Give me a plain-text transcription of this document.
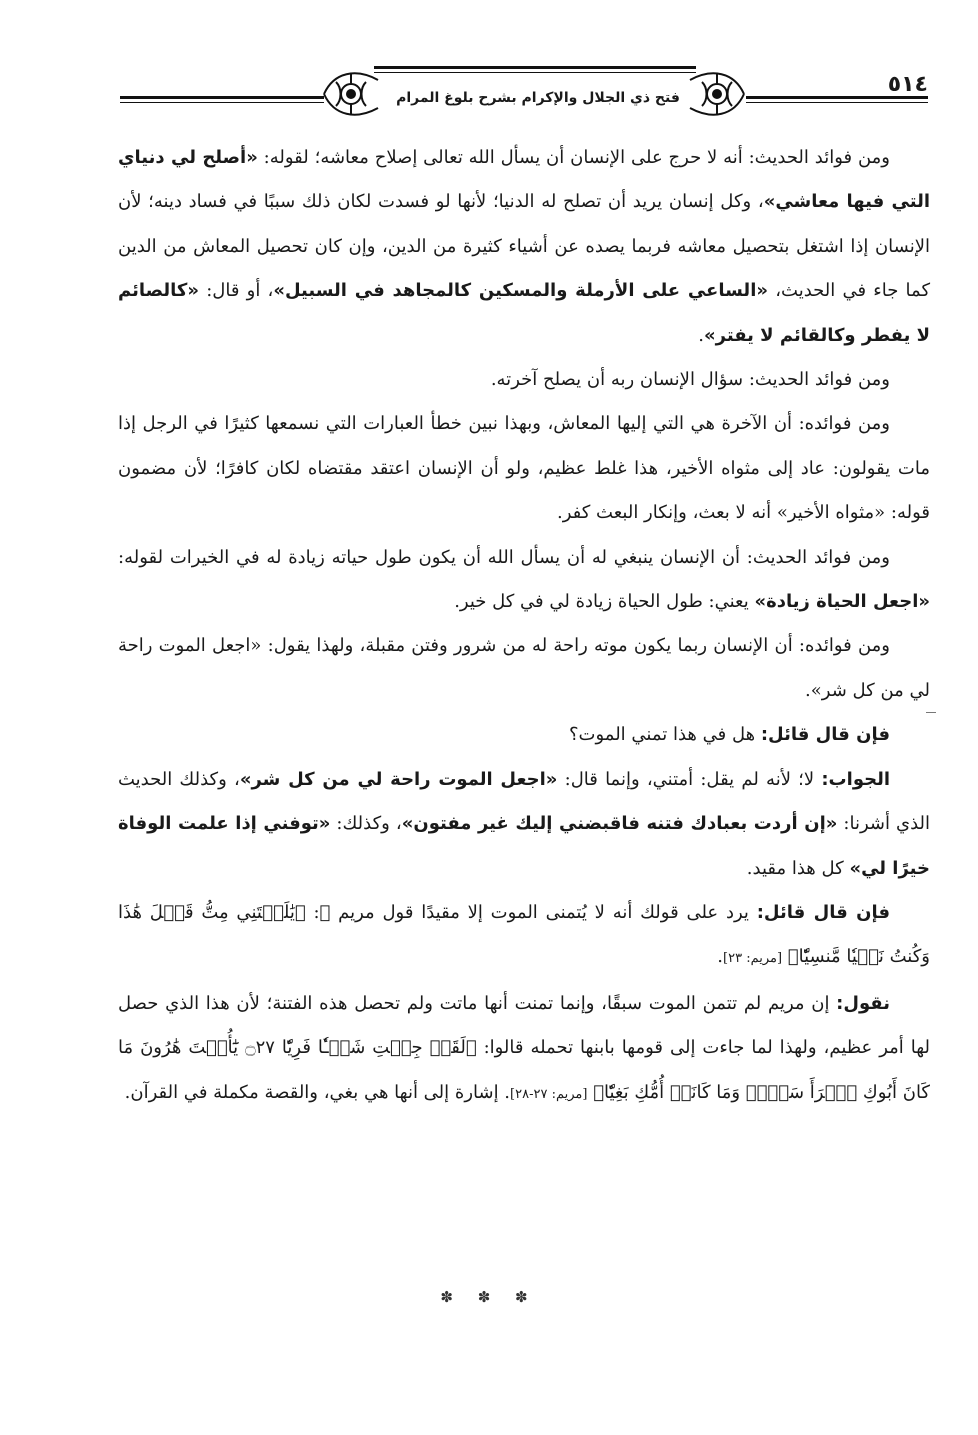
فتح ذي الجلال والإكرام بشرح بلوغ المرام
٥١٤

ومن فوائد الحديث: أنه لا حرج على الإنسان أن يسأل الله تعالى إصلاح معاشه؛ لقوله: «أصلح لي دنياي التي فيها معاشي»، وكل إنسان يريد أن تصلح له الدنيا؛ لأنها لو فسدت لكان ذلك سببًا في فساد دينه؛ لأن الإنسان إذا اشتغل بتحصيل معاشه فربما يصده عن أشياء كثيرة من الدين، وإن كان تحصيل المعاش من الدين كما جاء في الحديث، «الساعي على الأرملة والمسكين كالمجاهد في السبيل»، أو قال: «كالصائم لا يفطر وكالقائم لا يفتر».

ومن فوائد الحديث: سؤال الإنسان ربه أن يصلح آخرته.

ومن فوائده: أن الآخرة هي التي إليها المعاش، وبهذا نبين خطأ العبارات التي نسمعها كثيرًا في الرجل إذا مات يقولون: عاد إلى مثواه الأخير، هذا غلط عظيم، ولو أن الإنسان اعتقد مقتضاه لكان كافرًا؛ لأن مضمون قوله: «مثواه الأخير» أنه لا بعث، وإنكار البعث كفر.

ومن فوائد الحديث: أن الإنسان ينبغي له أن يسأل الله أن يكون طول حياته زيادة له في الخيرات لقوله: «اجعل الحياة زيادة» يعني: طول الحياة زيادة لي في كل خير.

ومن فوائده: أن الإنسان ربما يكون موته راحة له من شرور وفتن مقبلة، ولهذا يقول: «اجعل الموت راحة لي من كل شر».

فإن قال قائل: هل في هذا تمني الموت؟

الجواب: لا؛ لأنه لم يقل: أمتني، وإنما قال: «اجعل الموت راحة لي من كل شر»، وكذلك الحديث الذي أشرنا: «إن أردت بعبادك فتنه فاقبضني إليك غير مفتون»، وكذلك: «توفني إذا علمت الوفاة خيرًا لي» كل هذا مقيد.

فإن قال قائل: يرد على قولك أنه لا يُتمنى الموت إلا مقيدًا قول مريم ﷺ: ﴿يَٰلَيۡتَنِي مِتُّ قَبۡلَ هَٰذَا وَكُنتُ نَسۡيٗا مَّنسِيّٗا﴾ [مريم: ٢٣].

نقول: إن مريم لم تتمن الموت سبقًا، وإنما تمنت أنها ماتت ولم تحصل هذه الفتنة؛ لأن هذا الذي حصل لها أمر عظيم، ولهذا لما جاءت إلى قومها بابنها تحمله قالوا: ﴿لَقَدۡ جِئۡتِ شَيۡـٔٗا فَرِيّٗا ۝٢٧ يَٰٓأُخۡتَ هَٰرُونَ مَا كَانَ أَبُوكِ ٱمۡرَأَ سَوۡءٖ وَمَا كَانَتۡ أُمُّكِ بَغِيّٗا﴾ [مريم: ٢٧-٢٨]. إشارة إلى أنها هي بغي، والقصة مكملة في القرآن.

✽ ✽ ✽
